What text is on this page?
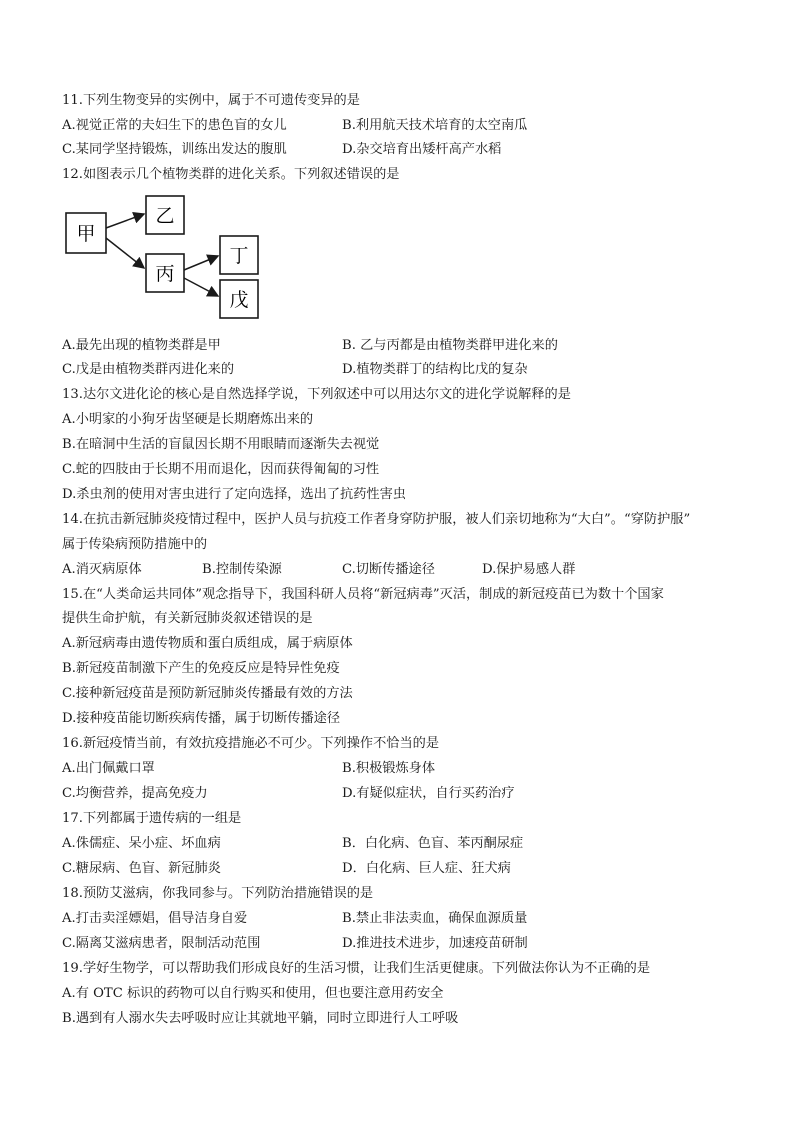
11.下列生物变异的实例中，属于不可遗传变异的是
A.视觉正常的夫妇生下的患色盲的女儿	B.利用航天技术培育的太空南瓜
C.某同学坚持锻炼，训练出发达的腹肌	D.杂交培育出矮杆高产水稻
12.如图表示几个植物类群的进化关系。下列叙述错误的是
甲
乙
丙
丁
戊
A.最先出现的植物类群是甲	B. 乙与丙都是由植物类群甲进化来的
C.戊是由植物类群丙进化来的	D.植物类群丁的结构比戊的复杂
13.达尔文进化论的核心是自然选择学说，下列叙述中可以用达尔文的进化学说解释的是
A.小明家的小狗牙齿坚硬是长期磨炼出来的
B.在暗洞中生活的盲鼠因长期不用眼睛而逐渐失去视觉
C.蛇的四肢由于长期不用而退化，因而获得匍匐的习性
D.杀虫剂的使用对害虫进行了定向选择，选出了抗药性害虫
14.在抗击新冠肺炎疫情过程中，医护人员与抗疫工作者身穿防护服，被人们亲切地称为“大白”。“穿防护服”
属于传染病预防措施中的
A.消灭病原体	B.控制传染源	C.切断传播途径	D.保护易感人群
15.在“人类命运共同体”观念指导下，我国科研人员将“新冠病毒”灭活，制成的新冠疫苗已为数十个国家
提供生命护航，有关新冠肺炎叙述错误的是
A.新冠病毒由遗传物质和蛋白质组成，属于病原体
B.新冠疫苗制激下产生的免疫反应是特异性免疫
C.接种新冠疫苗是预防新冠肺炎传播最有效的方法
D.接种疫苗能切断疾病传播，属于切断传播途径
16.新冠疫情当前，有效抗疫措施必不可少。下列操作不恰当的是
A.出门佩戴口罩	B.积极锻炼身体
C.均衡营养，提高免疫力	D.有疑似症状，自行买药治疗
17.下列都属于遗传病的一组是
A.侏儒症、呆小症、坏血病	B．白化病、色盲、苯丙酮尿症
C.糖尿病、色盲、新冠肺炎	D．白化病、巨人症、狂犬病
18.预防艾滋病，你我同参与。下列防治措施错误的是
A.打击卖淫嫖娼，倡导洁身自爱	B.禁止非法卖血，确保血源质量
C.隔离艾滋病患者，限制活动范围	D.推进技术进步，加速疫苗研制
19.学好生物学，可以帮助我们形成良好的生活习惯，让我们生活更健康。下列做法你认为不正确的是
A.有 OTC 标识的药物可以自行购买和使用，但也要注意用药安全
B.遇到有人溺水失去呼吸时应让其就地平躺，同时立即进行人工呼吸
